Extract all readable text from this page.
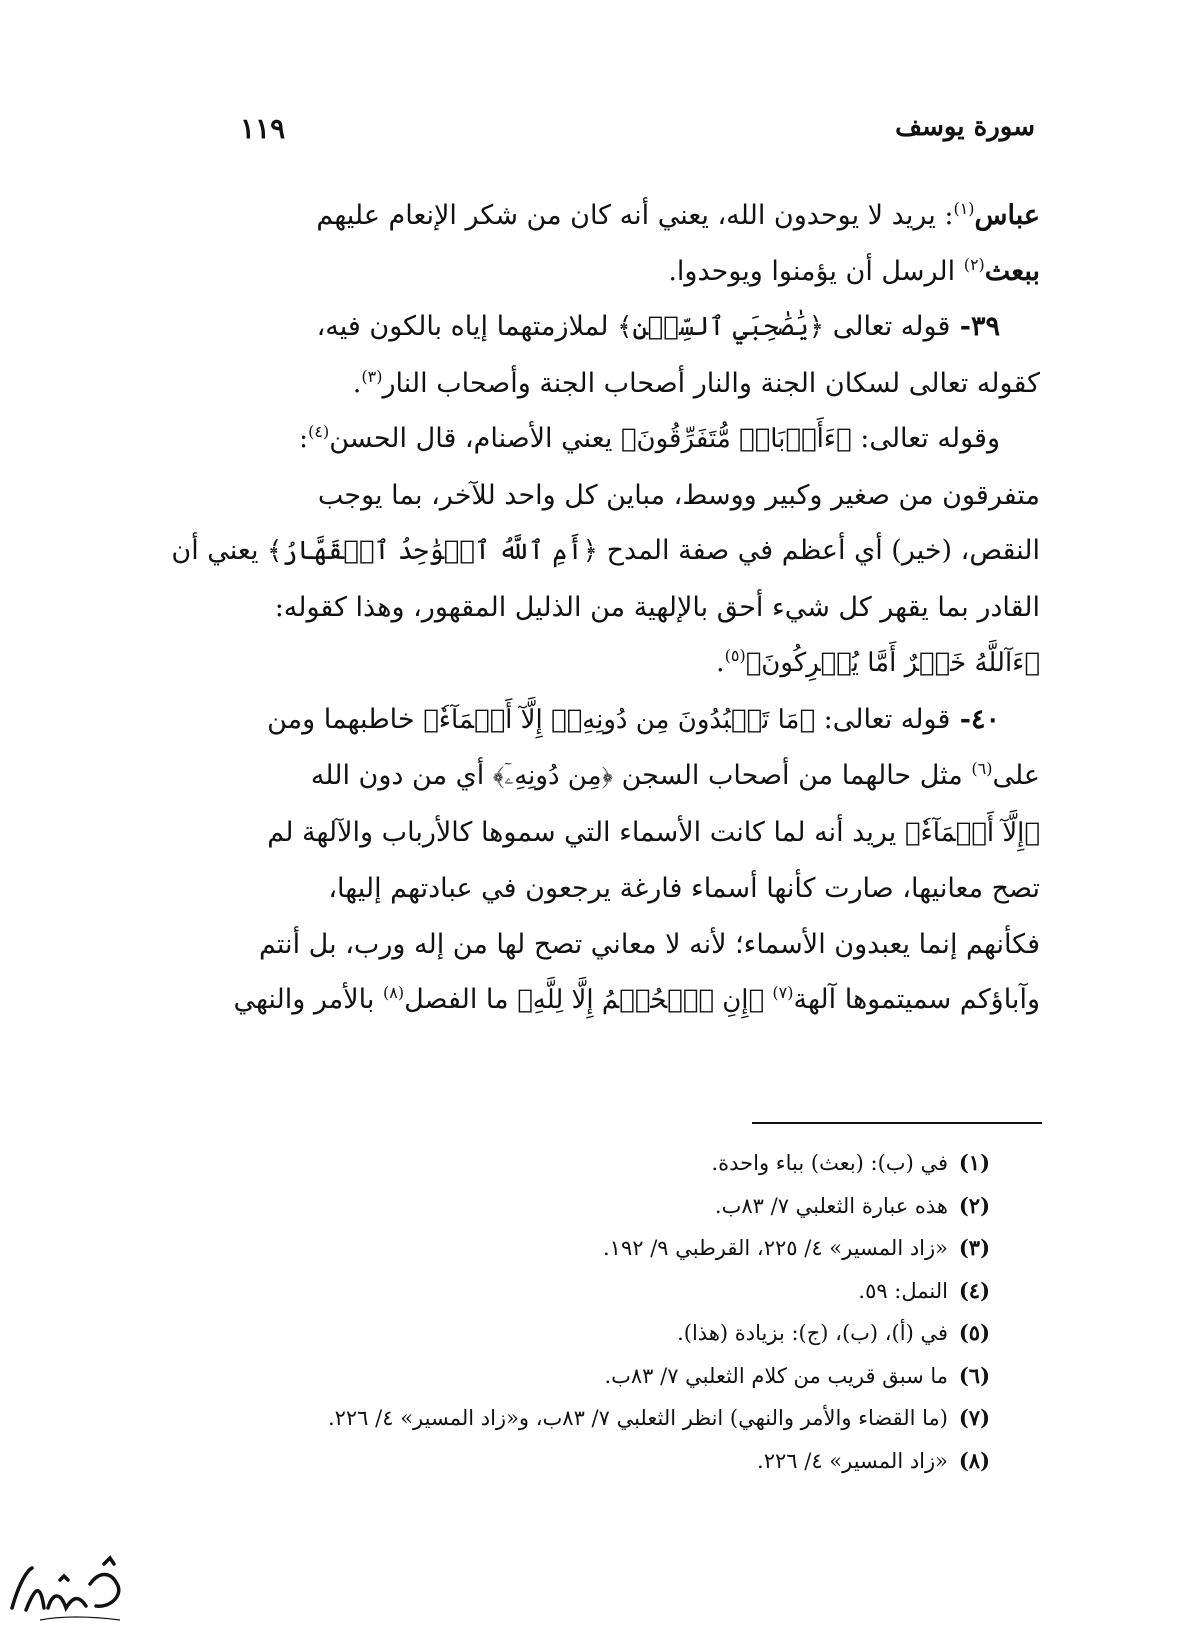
سورة يوسف
١١٩

عباس$^{(١)}$: يريد لا يوحدون الله، يعني أنه كان من شكر الإنعام عليهم

ببعث$^{(٢)}$ الرسل أن يؤمنوا ويوحدوا.

٣٩- قوله تعالى ﴿يَٰصَٰحِبَيِ ٱلسِّجۡنِ﴾ لملازمتهما إياه بالكون فيه،

كقوله تعالى لسكان الجنة والنار أصحاب الجنة وأصحاب النار$^{(٣)}$.

وقوله تعالى: ﴿ءَأَرۡبَابٞ مُّتَفَرِّقُونَ﴾ يعني الأصنام، قال الحسن$^{(٤)}$:

متفرقون من صغير وكبير ووسط، مباين كل واحد للآخر، بما يوجب

النقص، (خير) أي أعظم في صفة المدح ﴿أَمِ ٱللَّهُ ٱلۡوَٰحِدُ ٱلۡقَهَّارُ﴾ يعني أن

القادر بما يقهر كل شيء أحق بالإلهية من الذليل المقهور، وهذا كقوله:

﴿ءَآللَّهُ خَيۡرٌ أَمَّا يُشۡرِكُونَ﴾$^{(٥)}$.

٤٠- قوله تعالى: ﴿مَا تَعۡبُدُونَ مِن دُونِهِۦٓ إِلَّآ أَسۡمَآءٗ﴾ خاطبهما ومن

على$^{(٦)}$ مثل حالهما من أصحاب السجن ﴿مِن دُونِهِۦٓ﴾ أي من دون الله

﴿إِلَّآ أَسۡمَآءٗ﴾ يريد أنه لما كانت الأسماء التي سموها كالأرباب والآلهة لم

تصح معانيها، صارت كأنها أسماء فارغة يرجعون في عبادتهم إليها،

فكأنهم إنما يعبدون الأسماء؛ لأنه لا معاني تصح لها من إله ورب، بل أنتم

وآباؤكم سميتموها آلهة$^{(٧)}$ ﴿إِنِ ٱلۡحُكۡمُ إِلَّا لِلَّهِ﴾ ما الفصل$^{(٨)}$ بالأمر والنهي

(١)في (ب): (بعث) بباء واحدة.
(٢)هذه عبارة الثعلبي ٧/ ٨٣ب.
(٣)«زاد المسير» ٤/ ٢٢٥، القرطبي ٩/ ١٩٢.
(٤)النمل: ٥٩.
(٥)في (أ)، (ب)، (ج): بزيادة (هذا).
(٦)ما سبق قريب من كلام الثعلبي ٧/ ٨٣ب.
(٧)(ما القضاء والأمر والنهي) انظر الثعلبي ٧/ ٨٣ب، و«زاد المسير» ٤/ ٢٢٦.
(٨)«زاد المسير» ٤/ ٢٢٦.
